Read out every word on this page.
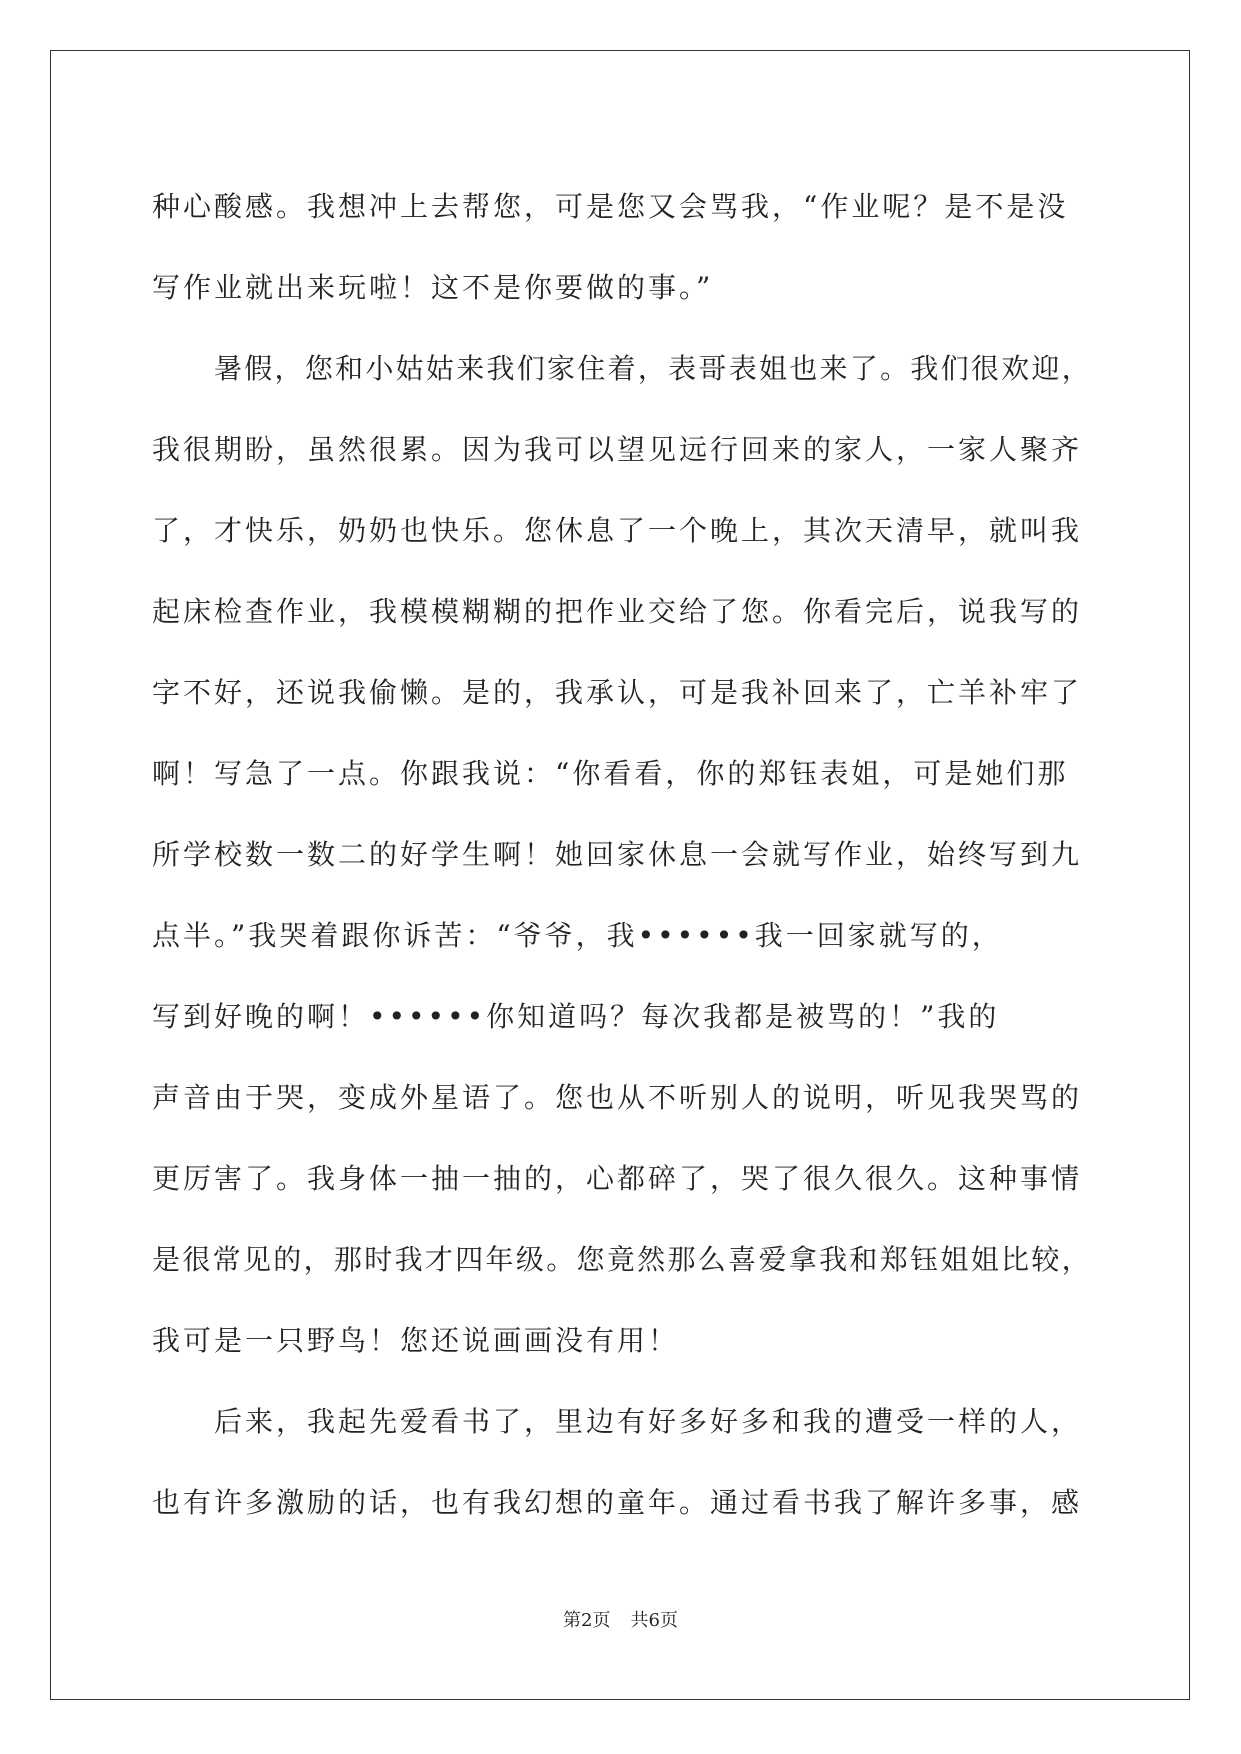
种心酸感。我想冲上去帮您，可是您又会骂我，“作业呢？是不是没
写作业就出来玩啦！这不是你要做的事。”
暑假，您和小姑姑来我们家住着，表哥表姐也来了。我们很欢迎，
我很期盼，虽然很累。因为我可以望见远行回来的家人，一家人聚齐
了，才快乐，奶奶也快乐。您休息了一个晚上，其次天清早，就叫我
起床检查作业，我模模糊糊的把作业交给了您。你看完后，说我写的
字不好，还说我偷懒。是的，我承认，可是我补回来了，亡羊补牢了
啊！写急了一点。你跟我说：“你看看，你的郑钰表姐，可是她们那
所学校数一数二的好学生啊！她回家休息一会就写作业，始终写到九
点半。”我哭着跟你诉苦：“爷爷，我••••••我一回家就写的，
写到好晚的啊！••••••你知道吗？每次我都是被骂的！”我的
声音由于哭，变成外星语了。您也从不听别人的说明，听见我哭骂的
更厉害了。我身体一抽一抽的，心都碎了，哭了很久很久。这种事情
是很常见的，那时我才四年级。您竟然那么喜爱拿我和郑钰姐姐比较，
我可是一只野鸟！您还说画画没有用！
后来，我起先爱看书了，里边有好多好多和我的遭受一样的人，
也有许多激励的话，也有我幻想的童年。通过看书我了解许多事，感
第2页 共6页
